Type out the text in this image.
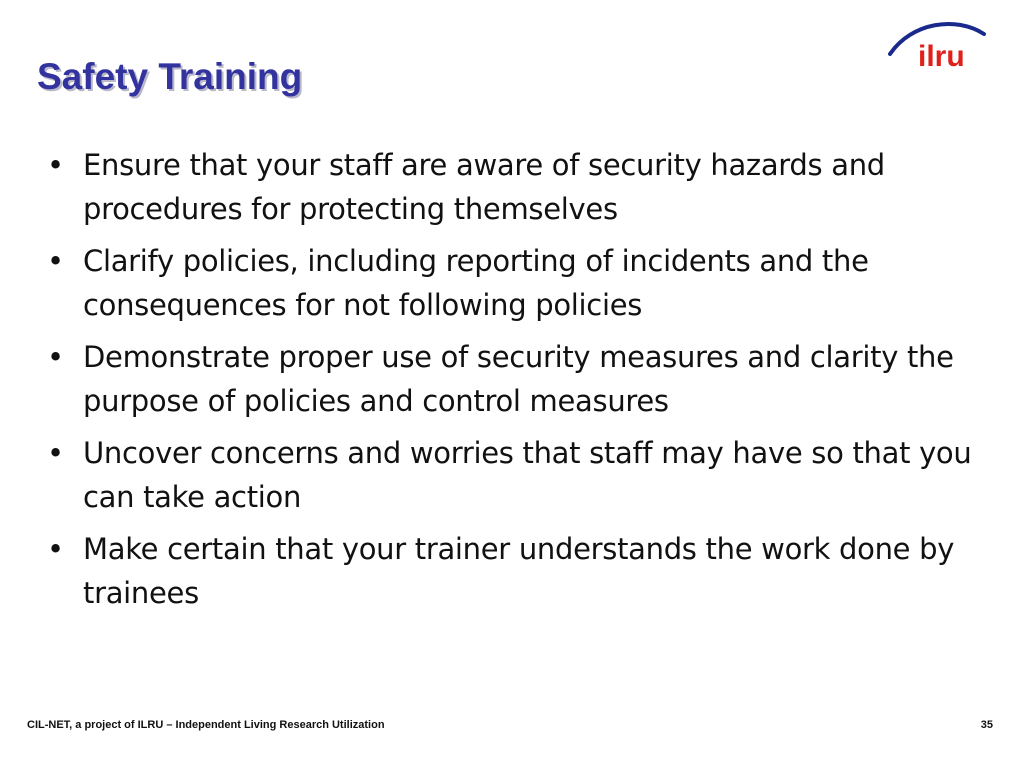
Safety Training	ilru
• Ensure that your staff are aware of security hazards and procedures for protecting themselves
• Clarify policies, including reporting of incidents and the consequences for not following policies
• Demonstrate proper use of security measures and clarity the purpose of policies and control measures
• Uncover concerns and worries that staff may have so that you can take action
• Make certain that your trainer understands the work done by trainees
CIL-NET, a project of ILRU – Independent Living Research Utilization	35
